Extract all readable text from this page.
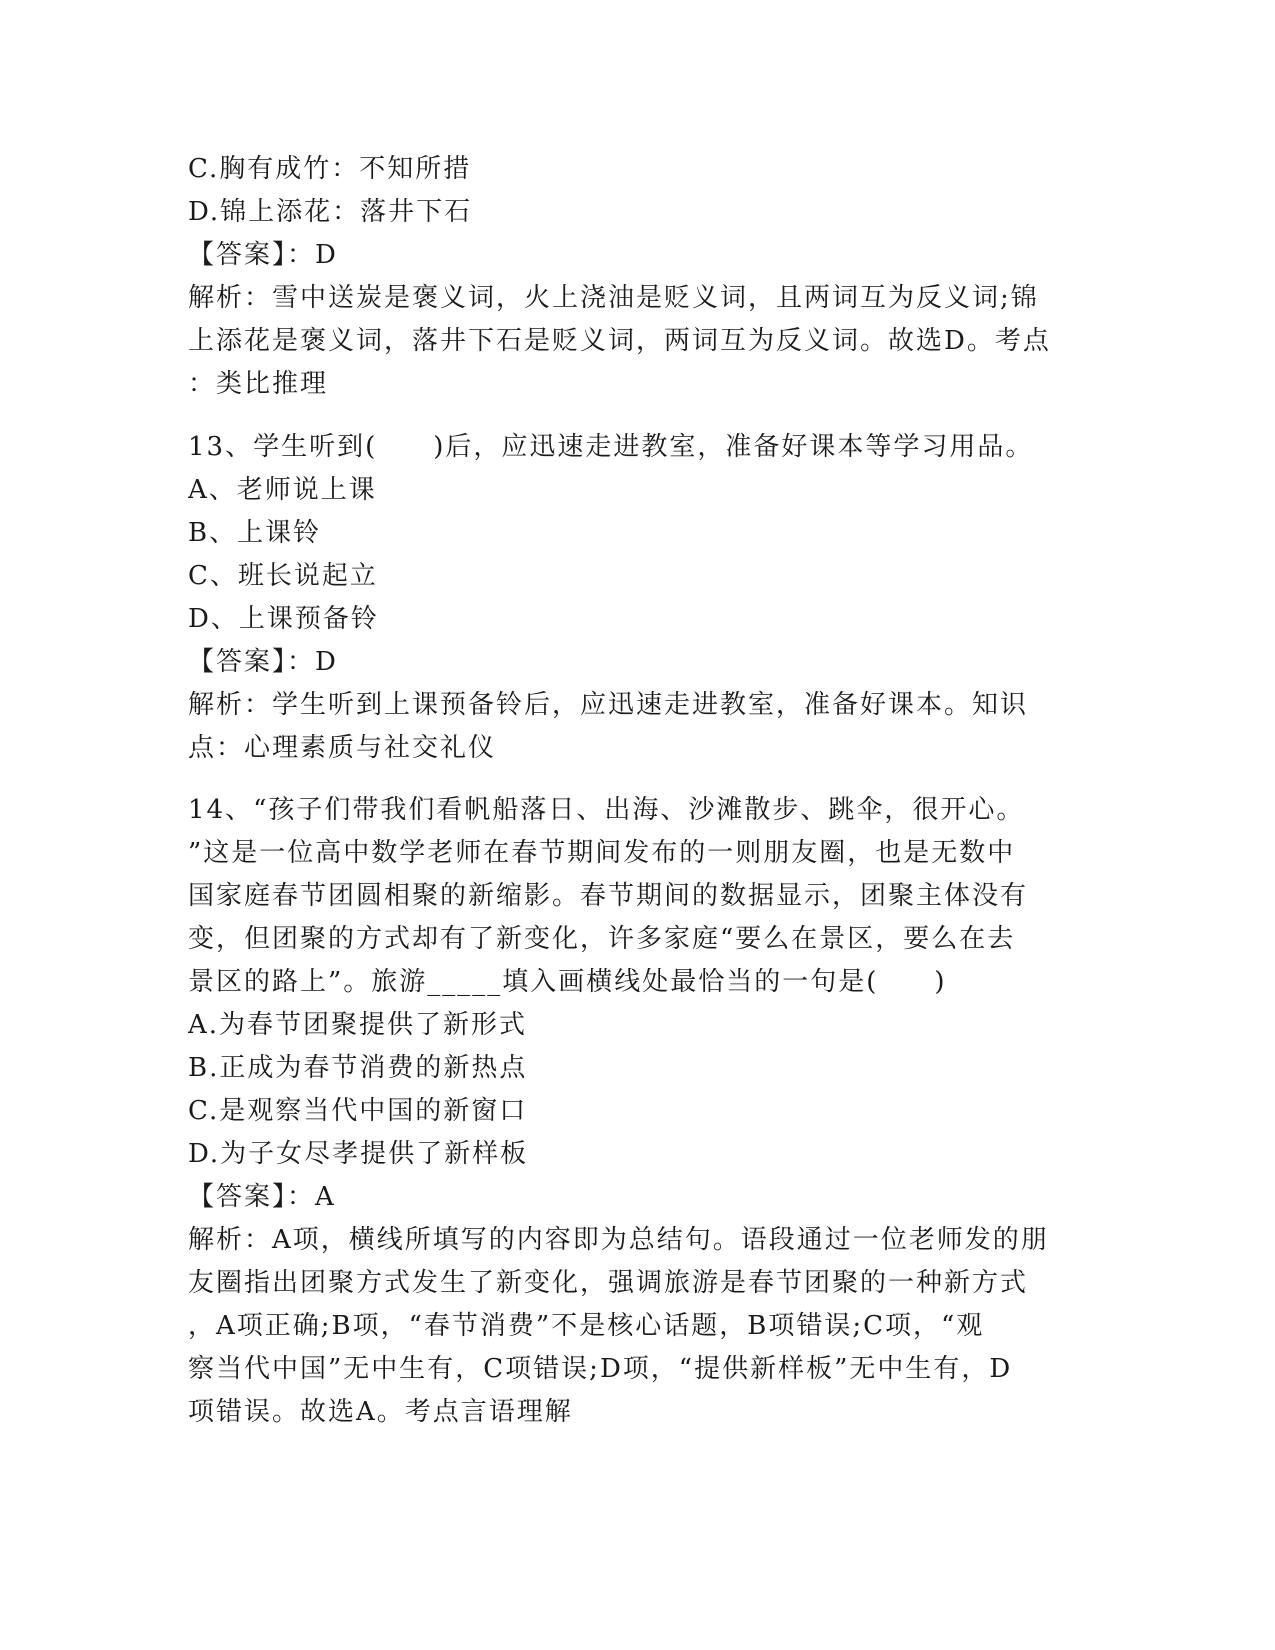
C.胸有成竹：不知所措
D.锦上添花：落井下石
【答案】：D
解析：雪中送炭是褒义词，火上浇油是贬义词，且两词互为反义词;锦
上添花是褒义词，落井下石是贬义词，两词互为反义词。故选D。考点
：类比推理
13、学生听到(　　)后，应迅速走进教室，准备好课本等学习用品。
A、老师说上课
B、上课铃
C、班长说起立
D、上课预备铃
【答案】：D
解析：学生听到上课预备铃后，应迅速走进教室，准备好课本。知识
点：心理素质与社交礼仪
14、“孩子们带我们看帆船落日、出海、沙滩散步、跳伞，很开心。
”这是一位高中数学老师在春节期间发布的一则朋友圈，也是无数中
国家庭春节团圆相聚的新缩影。春节期间的数据显示，团聚主体没有
变，但团聚的方式却有了新变化，许多家庭“要么在景区，要么在去
景区的路上”。旅游_____填入画横线处最恰当的一句是(　　)
A.为春节团聚提供了新形式
B.正成为春节消费的新热点
C.是观察当代中国的新窗口
D.为子女尽孝提供了新样板
【答案】：A
解析：A项，横线所填写的内容即为总结句。语段通过一位老师发的朋
友圈指出团聚方式发生了新变化，强调旅游是春节团聚的一种新方式
，A项正确;B项，“春节消费”不是核心话题，B项错误;C项，“观
察当代中国”无中生有，C项错误;D项，“提供新样板”无中生有，D
项错误。故选A。考点言语理解
